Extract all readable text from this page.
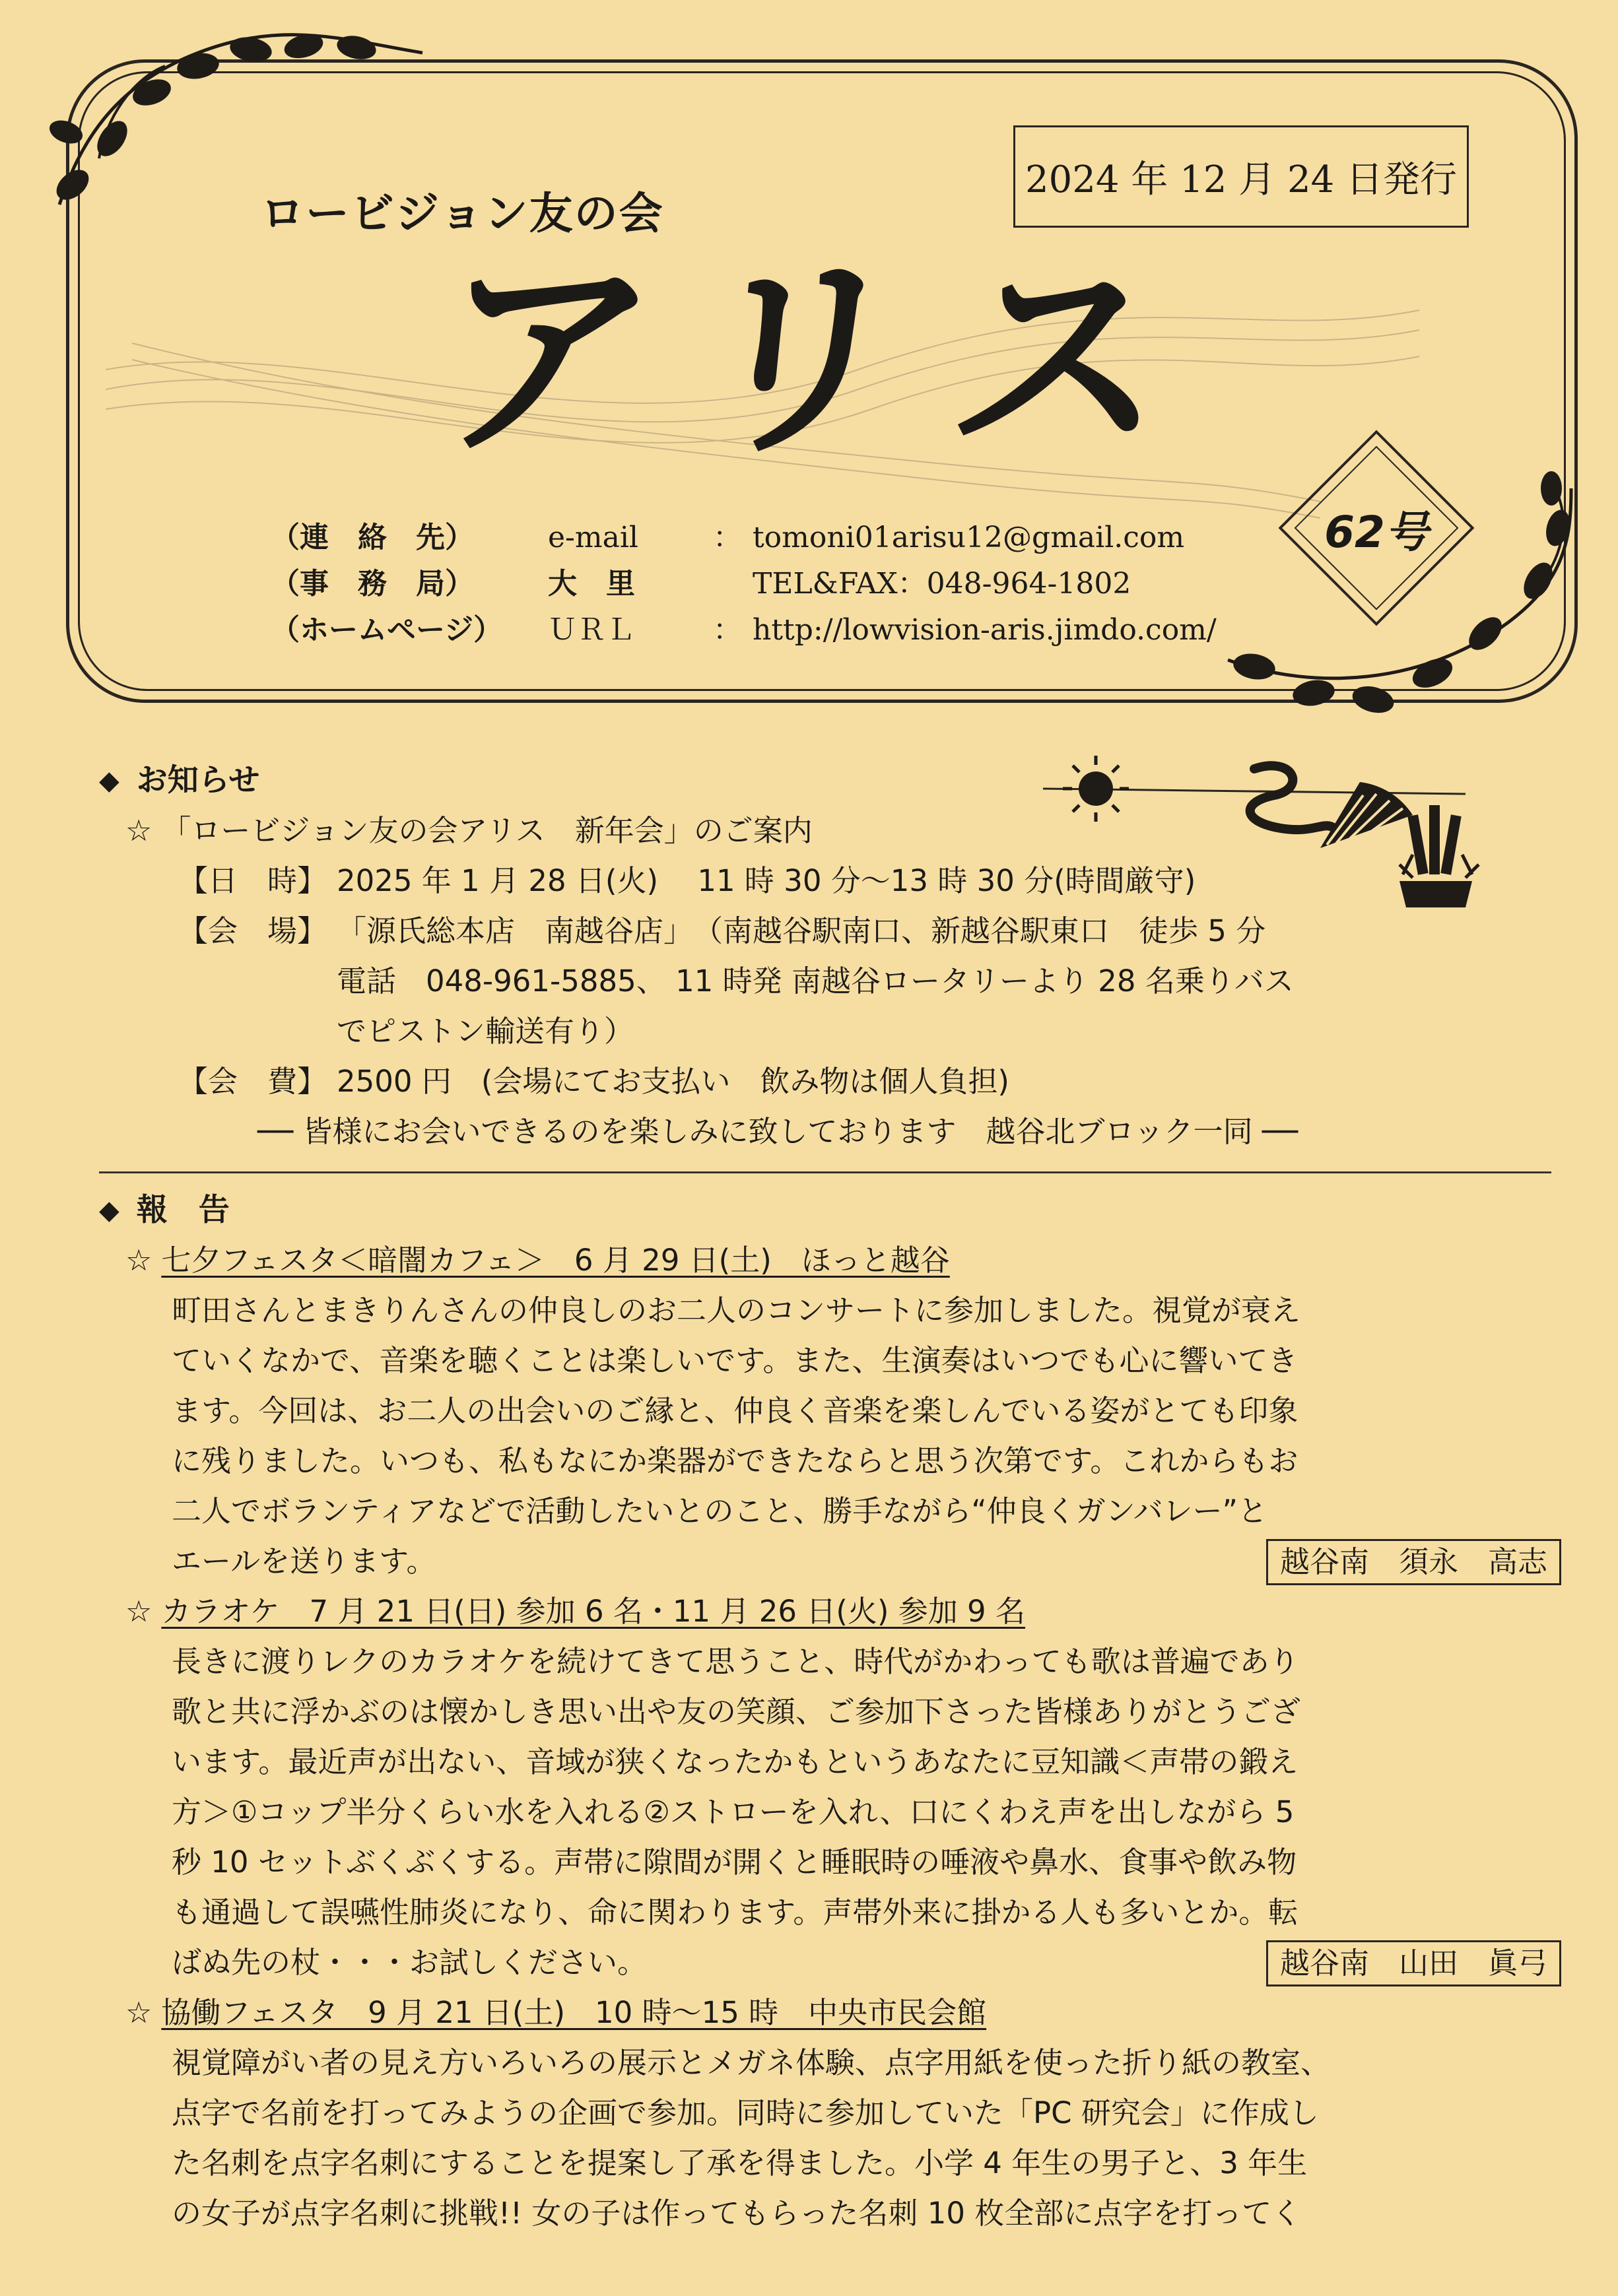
2024 年 12 月 24 日発行
ロービジョン友の会
アリス
62号
（連　絡　先）	e-mail	： tomoni01arisu12@gmail.com
（事　務　局）	大　里	TEL&FAX：048-964-1802
（ホームページ）	ＵＲＬ	： http://lowvision-aris.jimdo.com/
◆ お知らせ
☆ 「ロービジョン友の会アリス　新年会」のご案内
【日　時】 2025 年 1 月 28 日(火)　 11 時 30 分～13 時 30 分(時間厳守)
【会　場】 「源氏総本店　南越谷店」　（南越谷駅南口、新越谷駅東口　徒歩 5 分
電話　048-961-5885、 11 時発 南越谷ロータリーより 28 名乗りバス
でピストン輸送有り）
【会　費】 2500 円　(会場にてお支払い　飲み物は個人負担)
── 皆様にお会いできるのを楽しみに致しております　越谷北ブロック一同 ──
◆ 報　告
☆ 七夕フェスタ＜暗闇カフェ＞　6 月 29 日(土)　ほっと越谷
町田さんとまきりんさんの仲良しのお二人のコンサートに参加しました。視覚が衰え
ていくなかで、音楽を聴くことは楽しいです。また、生演奏はいつでも心に響いてき
ます。今回は、お二人の出会いのご縁と、仲良く音楽を楽しんでいる姿がとても印象
に残りました。いつも、私もなにか楽器ができたならと思う次第です。これからもお
二人でボランティアなどで活動したいとのこと、勝手ながら“仲良くガンバレー”と
エールを送ります。	越谷南　須永　高志
☆ カラオケ　7 月 21 日(日) 参加 6 名・11 月 26 日(火) 参加 9 名
長きに渡りレクのカラオケを続けてきて思うこと、時代がかわっても歌は普遍であり
歌と共に浮かぶのは懐かしき思い出や友の笑顔、ご参加下さった皆様ありがとうござ
います。最近声が出ない、音域が狭くなったかもというあなたに豆知識＜声帯の鍛え
方＞①コップ半分くらい水を入れる②ストローを入れ、口にくわえ声を出しながら 5
秒 10 セットぶくぶくする。声帯に隙間が開くと睡眠時の唾液や鼻水、食事や飲み物
も通過して誤嚥性肺炎になり、命に関わります。声帯外来に掛かる人も多いとか。転
ばぬ先の杖・・・お試しください。	越谷南　山田　眞弓
☆ 協働フェスタ　9 月 21 日(土)　10 時～15 時　中央市民会館
視覚障がい者の見え方いろいろの展示とメガネ体験、点字用紙を使った折り紙の教室、
点字で名前を打ってみようの企画で参加。同時に参加していた「PC 研究会」に作成し
た名刺を点字名刺にすることを提案し了承を得ました。小学 4 年生の男子と、3 年生
の女子が点字名刺に挑戦!! 女の子は作ってもらった名刺 10 枚全部に点字を打ってく
